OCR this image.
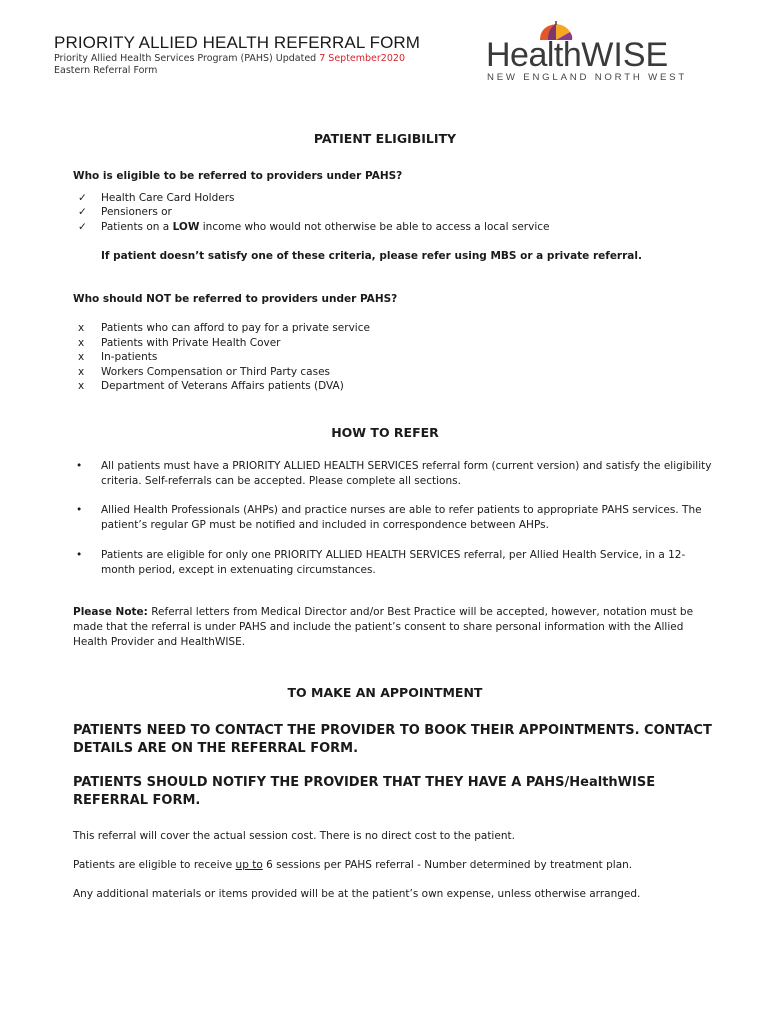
PRIORITY ALLIED HEALTH REFERRAL FORM
Priority Allied Health Services Program (PAHS) Updated 7 September2020
Eastern Referral Form	HealthWISE
NEW ENGLAND NORTH WEST
PATIENT ELIGIBILITY
Who is eligible to be referred to providers under PAHS?
✓ Health Care Card Holders
✓ Pensioners or
✓ Patients on a LOW income who would not otherwise be able to access a local service
If patient doesn’t satisfy one of these criteria, please refer using MBS or a private referral.
Who should NOT be referred to providers under PAHS?
x Patients who can afford to pay for a private service
x Patients with Private Health Cover
x In-patients
x Workers Compensation or Third Party cases
x Department of Veterans Affairs patients (DVA)
HOW TO REFER
• All patients must have a PRIORITY ALLIED HEALTH SERVICES referral form (current version) and satisfy the eligibility criteria. Self-referrals can be accepted. Please complete all sections.
• Allied Health Professionals (AHPs) and practice nurses are able to refer patients to appropriate PAHS services. The patient’s regular GP must be notified and included in correspondence between AHPs.
• Patients are eligible for only one PRIORITY ALLIED HEALTH SERVICES referral, per Allied Health Service, in a 12-month period, except in extenuating circumstances.
Please Note: Referral letters from Medical Director and/or Best Practice will be accepted, however, notation must be made that the referral is under PAHS and include the patient’s consent to share personal information with the Allied Health Provider and HealthWISE.
TO MAKE AN APPOINTMENT
PATIENTS NEED TO CONTACT THE PROVIDER TO BOOK THEIR APPOINTMENTS. CONTACT DETAILS ARE ON THE REFERRAL FORM.
PATIENTS SHOULD NOTIFY THE PROVIDER THAT THEY HAVE A PAHS/HealthWISE REFERRAL FORM.
This referral will cover the actual session cost. There is no direct cost to the patient.
Patients are eligible to receive up to 6 sessions per PAHS referral - Number determined by treatment plan.
Any additional materials or items provided will be at the patient’s own expense, unless otherwise arranged.
